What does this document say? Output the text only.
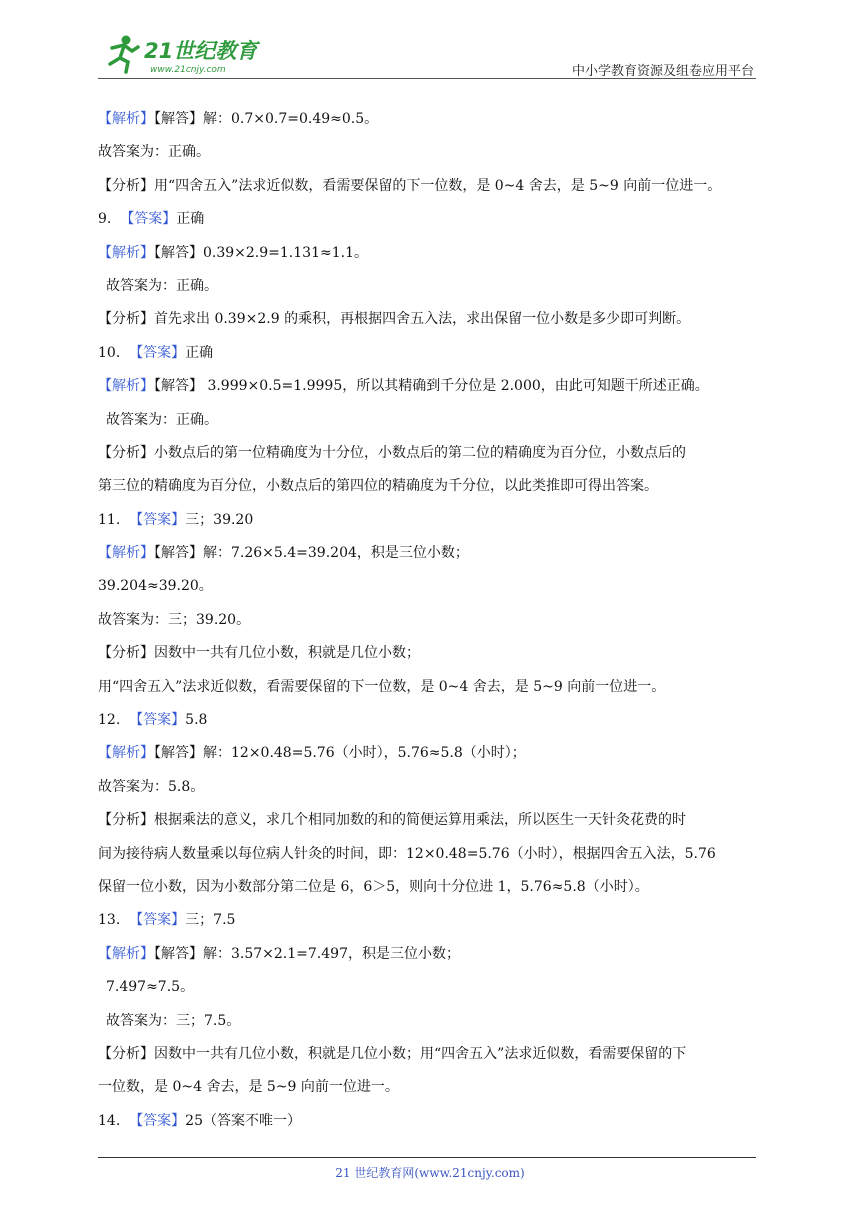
21世纪教育
www.21cnjy.com	中小学教育资源及组卷应用平台
【解析】【解答】解：0.7×0.7=0.49≈0.5。
故答案为：正确。
【分析】用“四舍五入”法求近似数，看需要保留的下一位数，是 0~4 舍去，是 5~9 向前一位进一。
9. 【答案】正确
【解析】【解答】0.39×2.9=1.131≈1.1。
故答案为：正确。
【分析】首先求出 0.39×2.9 的乘积，再根据四舍五入法，求出保留一位小数是多少即可判断。
10. 【答案】正确
【解析】【解答】 3.999×0.5=1.9995，所以其精确到千分位是 2.000，由此可知题干所述正确。
故答案为：正确。
【分析】小数点后的第一位精确度为十分位，小数点后的第二位的精确度为百分位，小数点后的
第三位的精确度为百分位，小数点后的第四位的精确度为千分位，以此类推即可得出答案。
11. 【答案】三；39.20
【解析】【解答】解：7.26×5.4=39.204，积是三位小数；
39.204≈39.20。
故答案为：三；39.20。
【分析】因数中一共有几位小数，积就是几位小数；
用“四舍五入”法求近似数，看需要保留的下一位数，是 0~4 舍去，是 5~9 向前一位进一。
12. 【答案】5.8
【解析】【解答】解：12×0.48=5.76（小时），5.76≈5.8（小时）；
故答案为：5.8。
【分析】根据乘法的意义，求几个相同加数的和的简便运算用乘法，所以医生一天针灸花费的时
间为接待病人数量乘以每位病人针灸的时间，即：12×0.48=5.76（小时），根据四舍五入法，5.76
保留一位小数，因为小数部分第二位是 6，6＞5，则向十分位进 1，5.76≈5.8（小时）。
13. 【答案】三；7.5
【解析】【解答】解：3.57×2.1=7.497，积是三位小数；
7.497≈7.5。
故答案为：三；7.5。
【分析】因数中一共有几位小数，积就是几位小数；用“四舍五入”法求近似数，看需要保留的下
一位数，是 0~4 舍去，是 5~9 向前一位进一。
14. 【答案】25（答案不唯一）
21 世纪教育网(www.21cnjy.com)
